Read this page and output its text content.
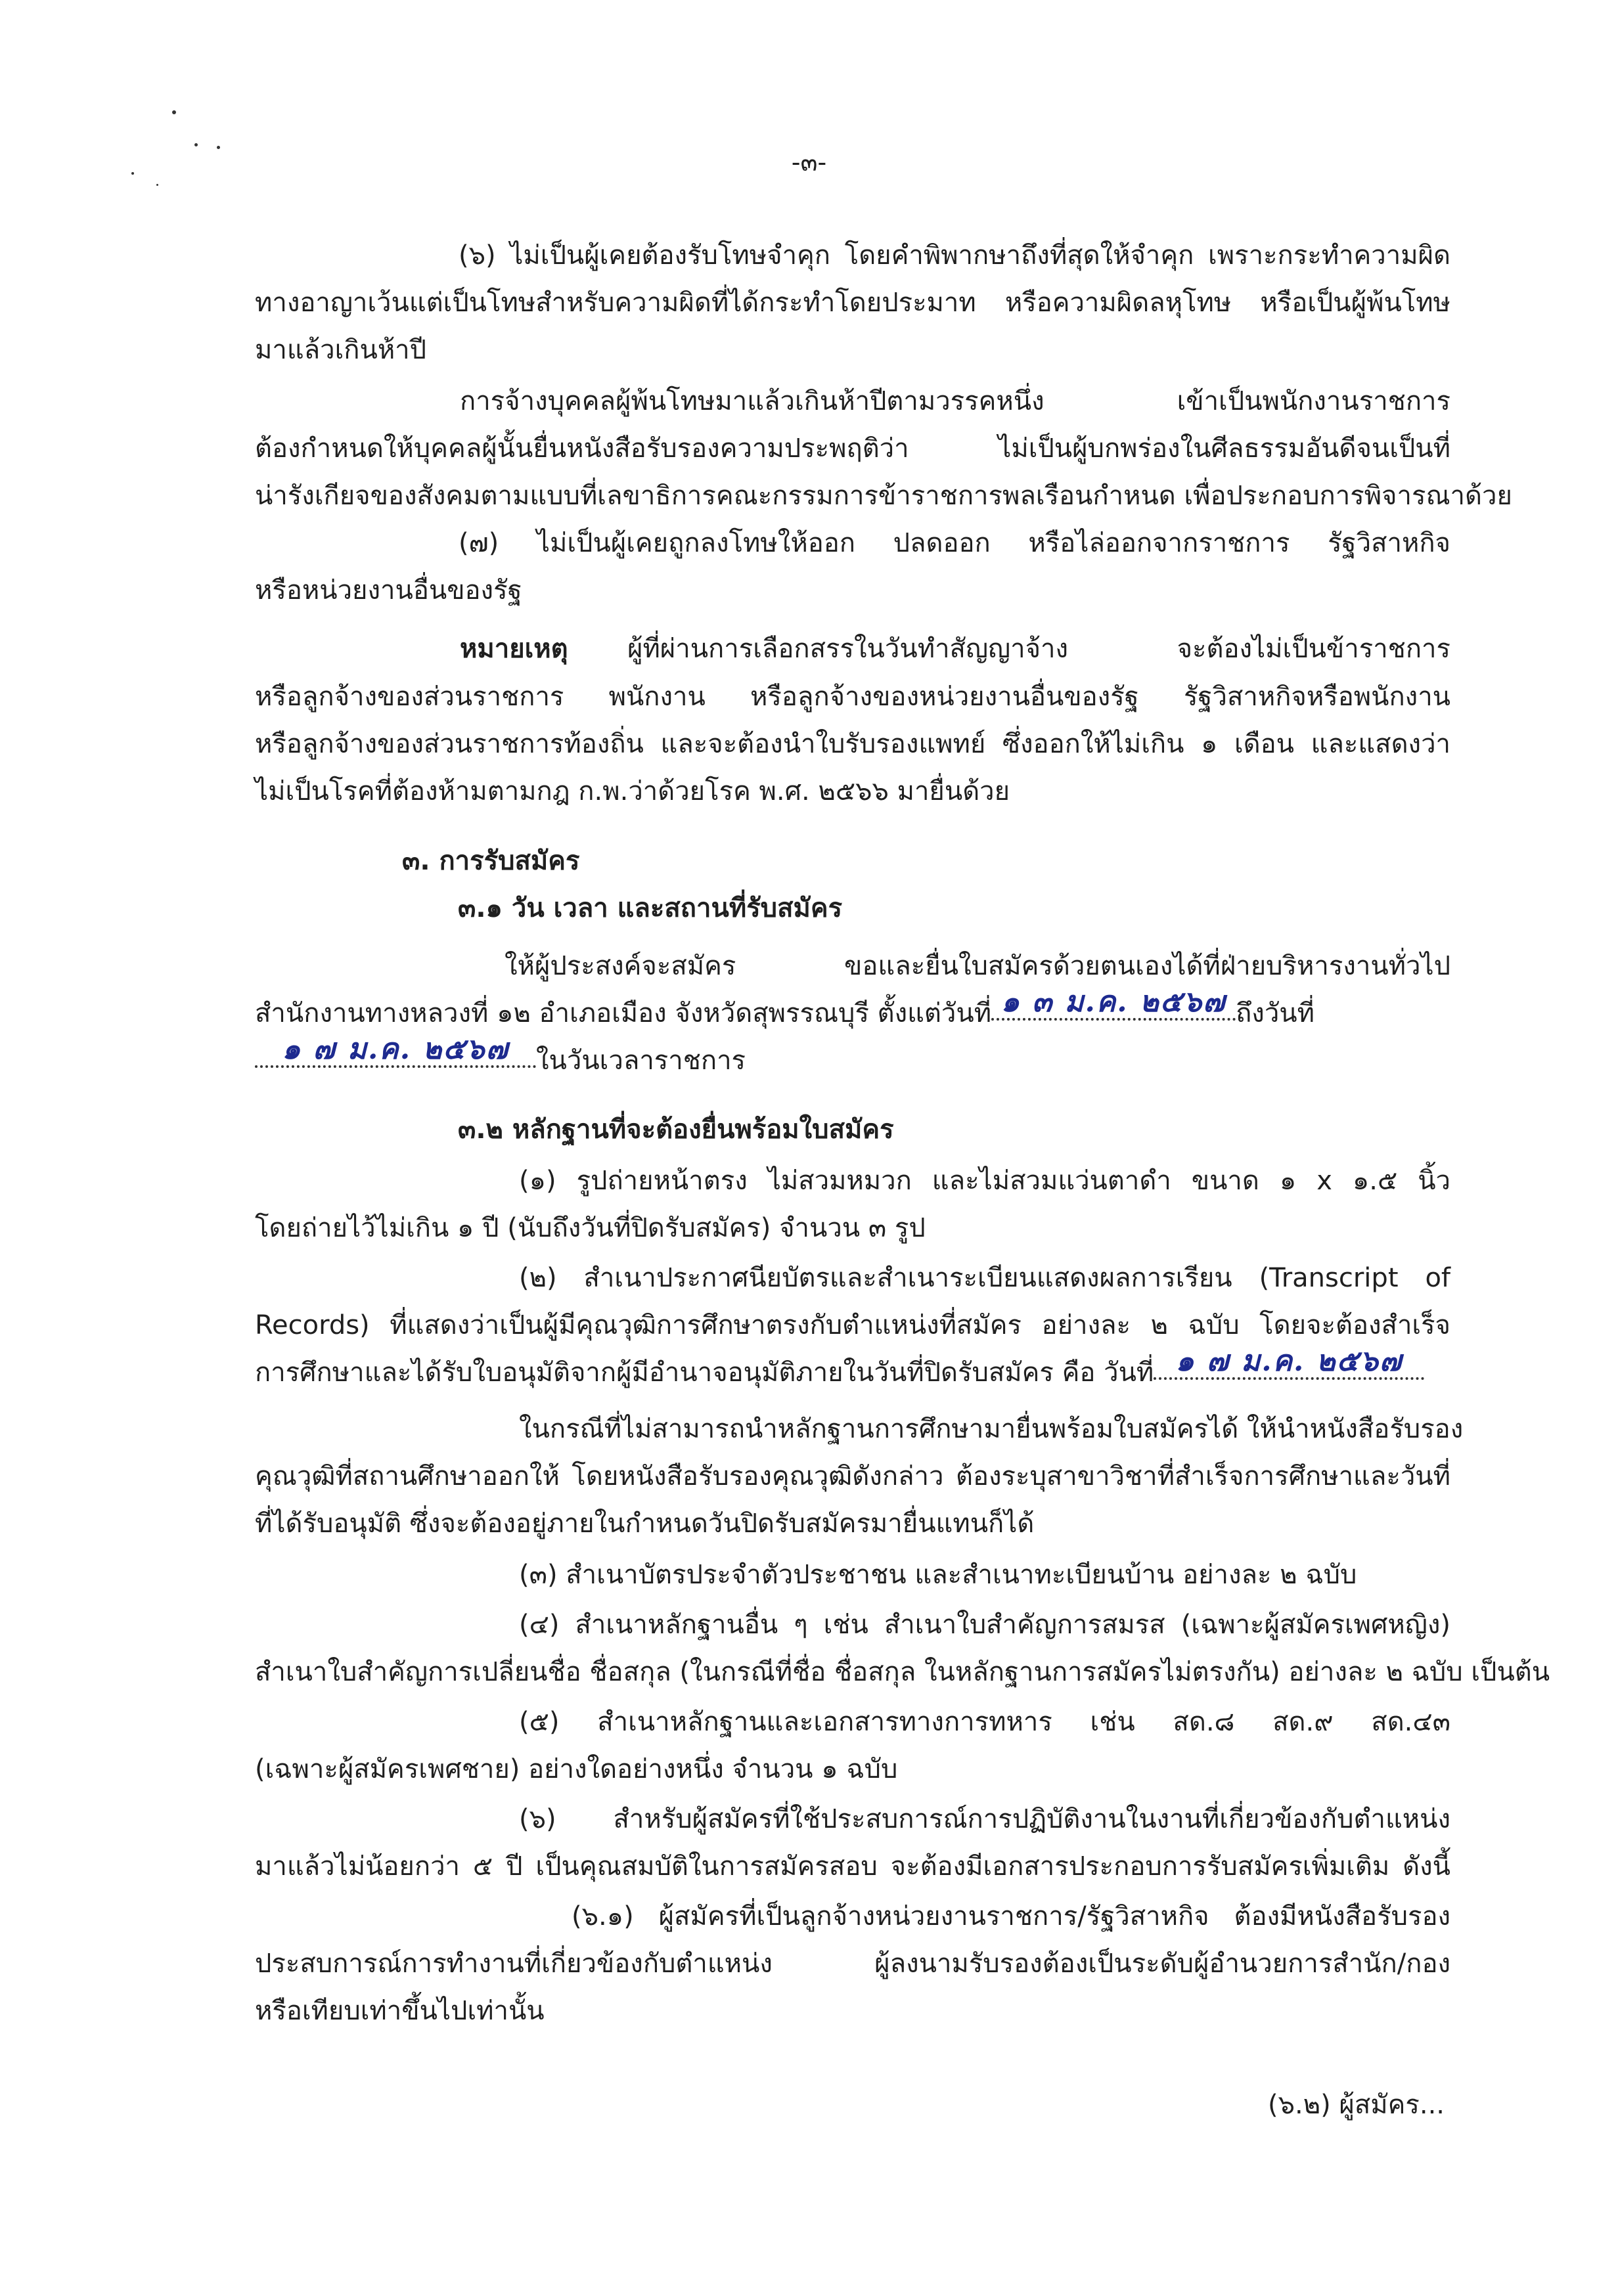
-๓-
(๖) ไม่เป็นผู้เคยต้องรับโทษจำคุก โดยคำพิพากษาถึงที่สุดให้จำคุก เพราะกระทำความผิด
ทางอาญาเว้นแต่เป็นโทษสำหรับความผิดที่ได้กระทำโดยประมาท หรือความผิดลหุโทษ หรือเป็นผู้พ้นโทษ
มาแล้วเกินห้าปี
การจ้างบุคคลผู้พ้นโทษมาแล้วเกินห้าปีตามวรรคหนึ่ง เข้าเป็นพนักงานราชการ
ต้องกำหนดให้บุคคลผู้นั้นยื่นหนังสือรับรองความประพฤติว่า ไม่เป็นผู้บกพร่องในศีลธรรมอันดีจนเป็นที่
น่ารังเกียจของสังคมตามแบบที่เลขาธิการคณะกรรมการข้าราชการพลเรือนกำหนด เพื่อประกอบการพิจารณาด้วย
(๗) ไม่เป็นผู้เคยถูกลงโทษให้ออก ปลดออก หรือไล่ออกจากราชการ รัฐวิสาหกิจ
หรือหน่วยงานอื่นของรัฐ
หมายเหตุ ผู้ที่ผ่านการเลือกสรรในวันทำสัญญาจ้าง จะต้องไม่เป็นข้าราชการ
หรือลูกจ้างของส่วนราชการ พนักงาน หรือลูกจ้างของหน่วยงานอื่นของรัฐ รัฐวิสาหกิจหรือพนักงาน
หรือลูกจ้างของส่วนราชการท้องถิ่น และจะต้องนำใบรับรองแพทย์ ซึ่งออกให้ไม่เกิน ๑ เดือน และแสดงว่า
ไม่เป็นโรคที่ต้องห้ามตามกฎ ก.พ.ว่าด้วยโรค พ.ศ. ๒๕๖๖ มายื่นด้วย
๓. การรับสมัคร
๓.๑ วัน เวลา และสถานที่รับสมัคร
ให้ผู้ประสงค์จะสมัคร ขอและยื่นใบสมัครด้วยตนเองได้ที่ฝ่ายบริหารงานทั่วไป
สำนักงานทางหลวงที่ ๑๒ อำเภอเมือง จังหวัดสุพรรณบุรี ตั้งแต่วันที่ ๑ ๓ ม.ค. ๒๕๖๗ ถึงวันที่
๑ ๗ ม.ค. ๒๕๖๗	ในวันเวลาราชการ
๓.๒ หลักฐานที่จะต้องยื่นพร้อมใบสมัคร
(๑) รูปถ่ายหน้าตรง ไม่สวมหมวก และไม่สวมแว่นตาดำ ขนาด ๑ x ๑.๕ นิ้ว
โดยถ่ายไว้ไม่เกิน ๑ ปี (นับถึงวันที่ปิดรับสมัคร) จำนวน ๓ รูป
(๒) สำเนาประกาศนียบัตรและสำเนาระเบียนแสดงผลการเรียน (Transcript of
Records) ที่แสดงว่าเป็นผู้มีคุณวุฒิการศึกษาตรงกับตำแหน่งที่สมัคร อย่างละ ๒ ฉบับ โดยจะต้องสำเร็จ
การศึกษาและได้รับใบอนุมัติจากผู้มีอำนาจอนุมัติภายในวันที่ปิดรับสมัคร คือ วันที่ ๑ ๗ ม.ค. ๒๕๖๗
ในกรณีที่ไม่สามารถนำหลักฐานการศึกษามายื่นพร้อมใบสมัครได้ ให้นำหนังสือรับรอง
คุณวุฒิที่สถานศึกษาออกให้ โดยหนังสือรับรองคุณวุฒิดังกล่าว ต้องระบุสาขาวิชาที่สำเร็จการศึกษาและวันที่
ที่ได้รับอนุมัติ ซึ่งจะต้องอยู่ภายในกำหนดวันปิดรับสมัครมายื่นแทนก็ได้
(๓) สำเนาบัตรประจำตัวประชาชน และสำเนาทะเบียนบ้าน อย่างละ ๒ ฉบับ
(๔) สำเนาหลักฐานอื่น ๆ เช่น สำเนาใบสำคัญการสมรส (เฉพาะผู้สมัครเพศหญิง)
สำเนาใบสำคัญการเปลี่ยนชื่อ ชื่อสกุล (ในกรณีที่ชื่อ ชื่อสกุล ในหลักฐานการสมัครไม่ตรงกัน) อย่างละ ๒ ฉบับ เป็นต้น
(๕) สำเนาหลักฐานและเอกสารทางการทหาร เช่น สด.๘ สด.๙ สด.๔๓
(เฉพาะผู้สมัครเพศชาย) อย่างใดอย่างหนึ่ง จำนวน ๑ ฉบับ
(๖) สำหรับผู้สมัครที่ใช้ประสบการณ์การปฏิบัติงานในงานที่เกี่ยวข้องกับตำแหน่ง
มาแล้วไม่น้อยกว่า ๕ ปี เป็นคุณสมบัติในการสมัครสอบ จะต้องมีเอกสารประกอบการรับสมัครเพิ่มเติม ดังนี้
(๖.๑) ผู้สมัครที่เป็นลูกจ้างหน่วยงานราชการ/รัฐวิสาหกิจ ต้องมีหนังสือรับรอง
ประสบการณ์การทำงานที่เกี่ยวข้องกับตำแหน่ง ผู้ลงนามรับรองต้องเป็นระดับผู้อำนวยการสำนัก/กอง
หรือเทียบเท่าขึ้นไปเท่านั้น
(๖.๒) ผู้สมัคร...
